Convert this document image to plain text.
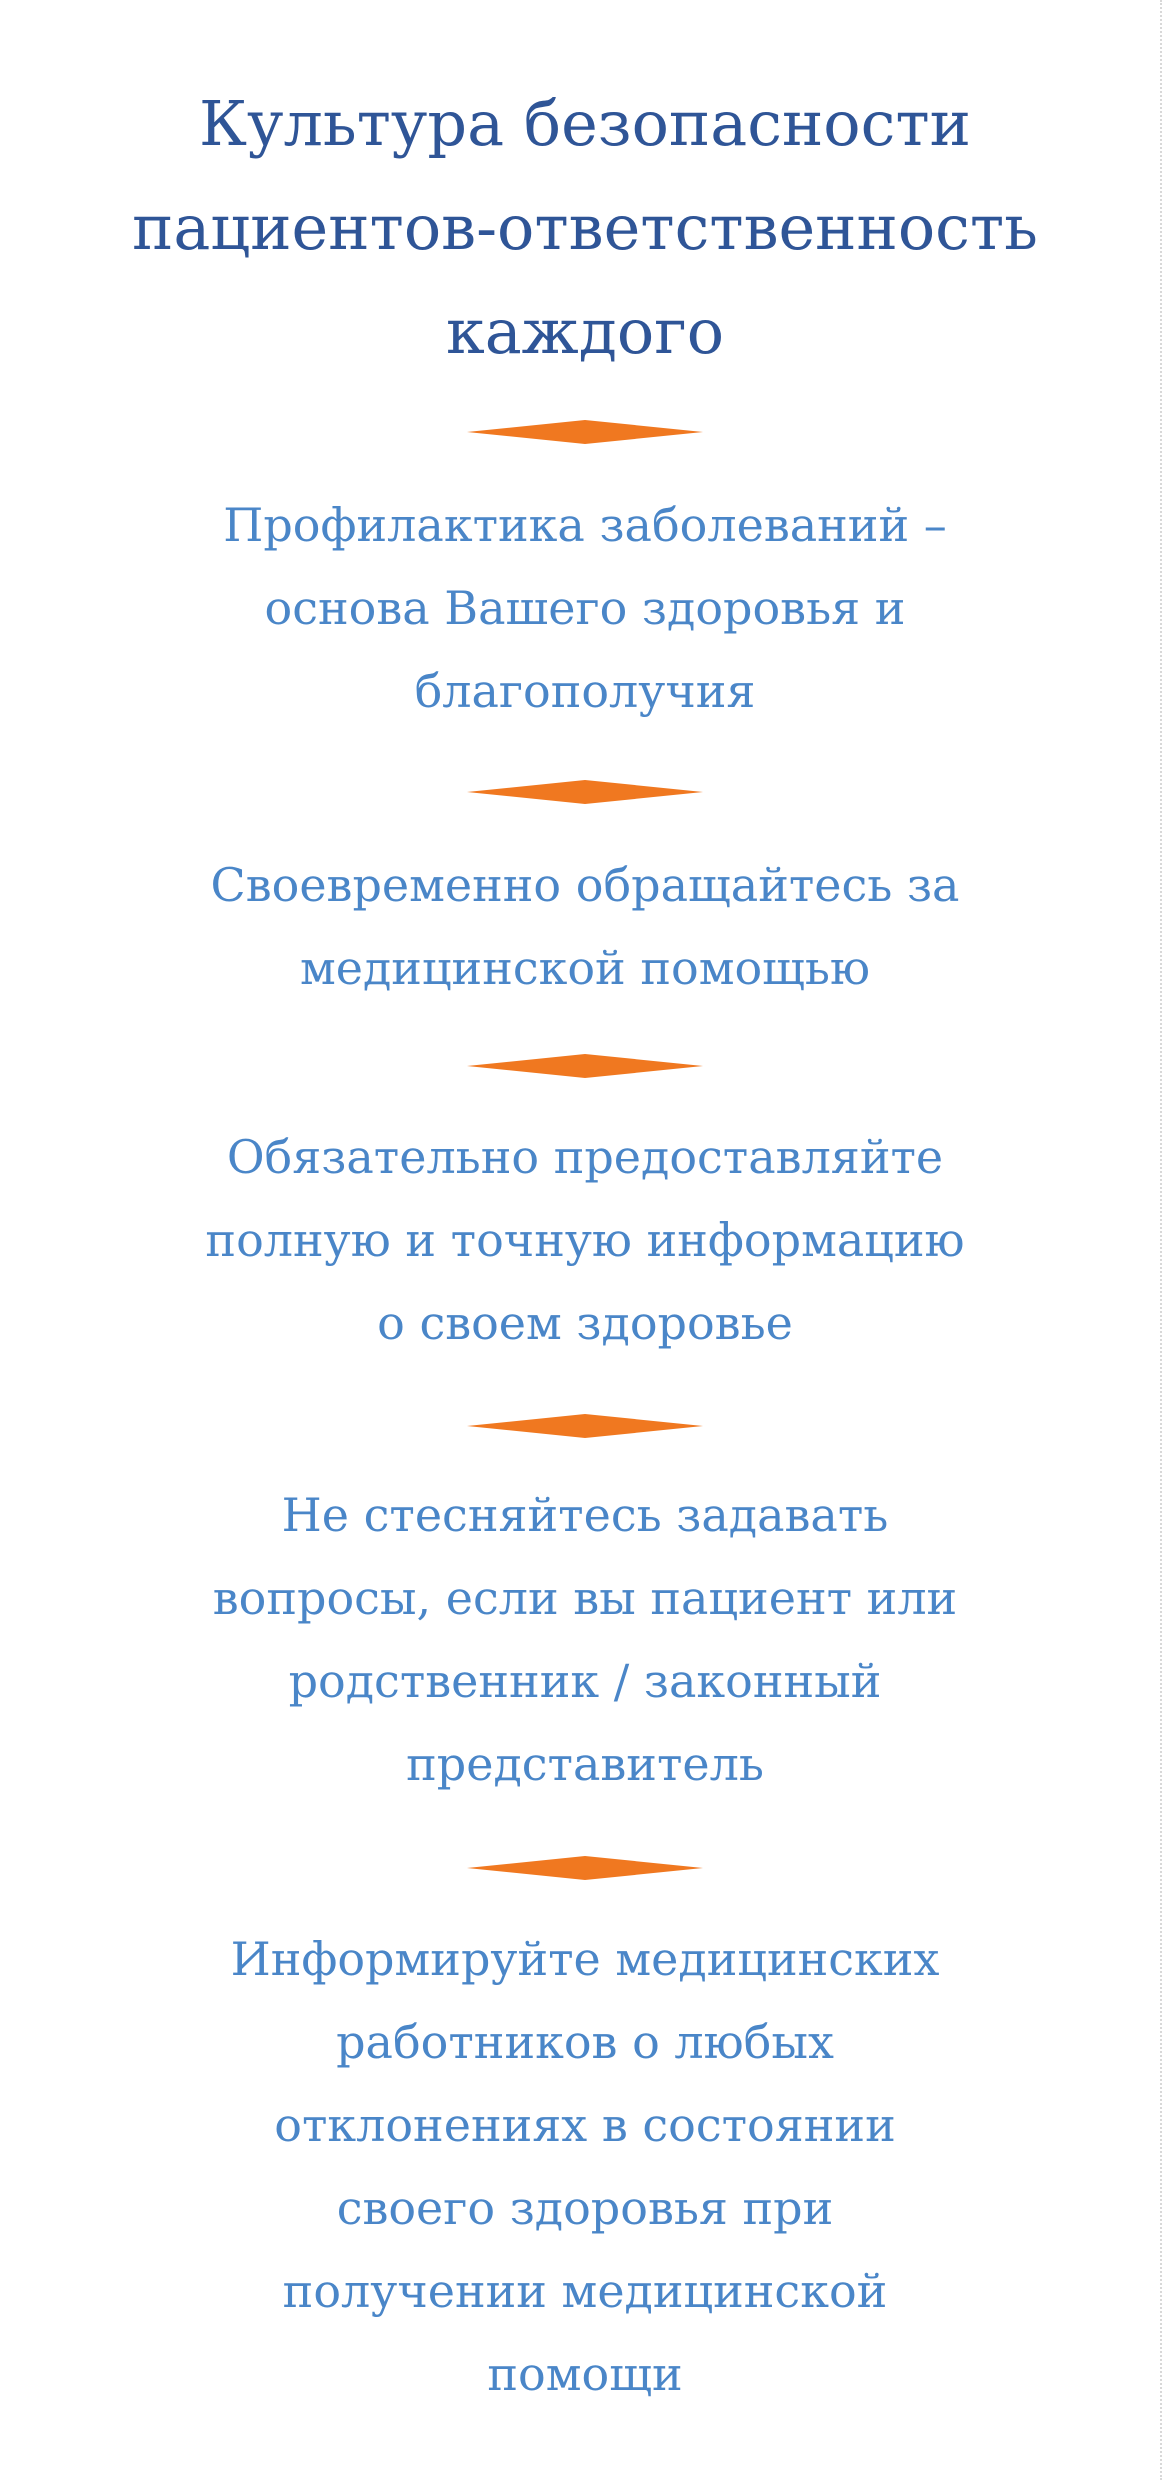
Культура безопасности
пациентов-ответственность
каждого

Профилактика заболеваний –
основа Вашего здоровья и
благополучия

Своевременно обращайтесь за
медицинской помощью

Обязательно предоставляйте
полную и точную информацию
о своем здоровье

Не стесняйтесь задавать
вопросы, если вы пациент или
родственник / законный
представитель

Информируйте медицинских
работников о любых
отклонениях в состоянии
своего здоровья при
получении медицинской
помощи
